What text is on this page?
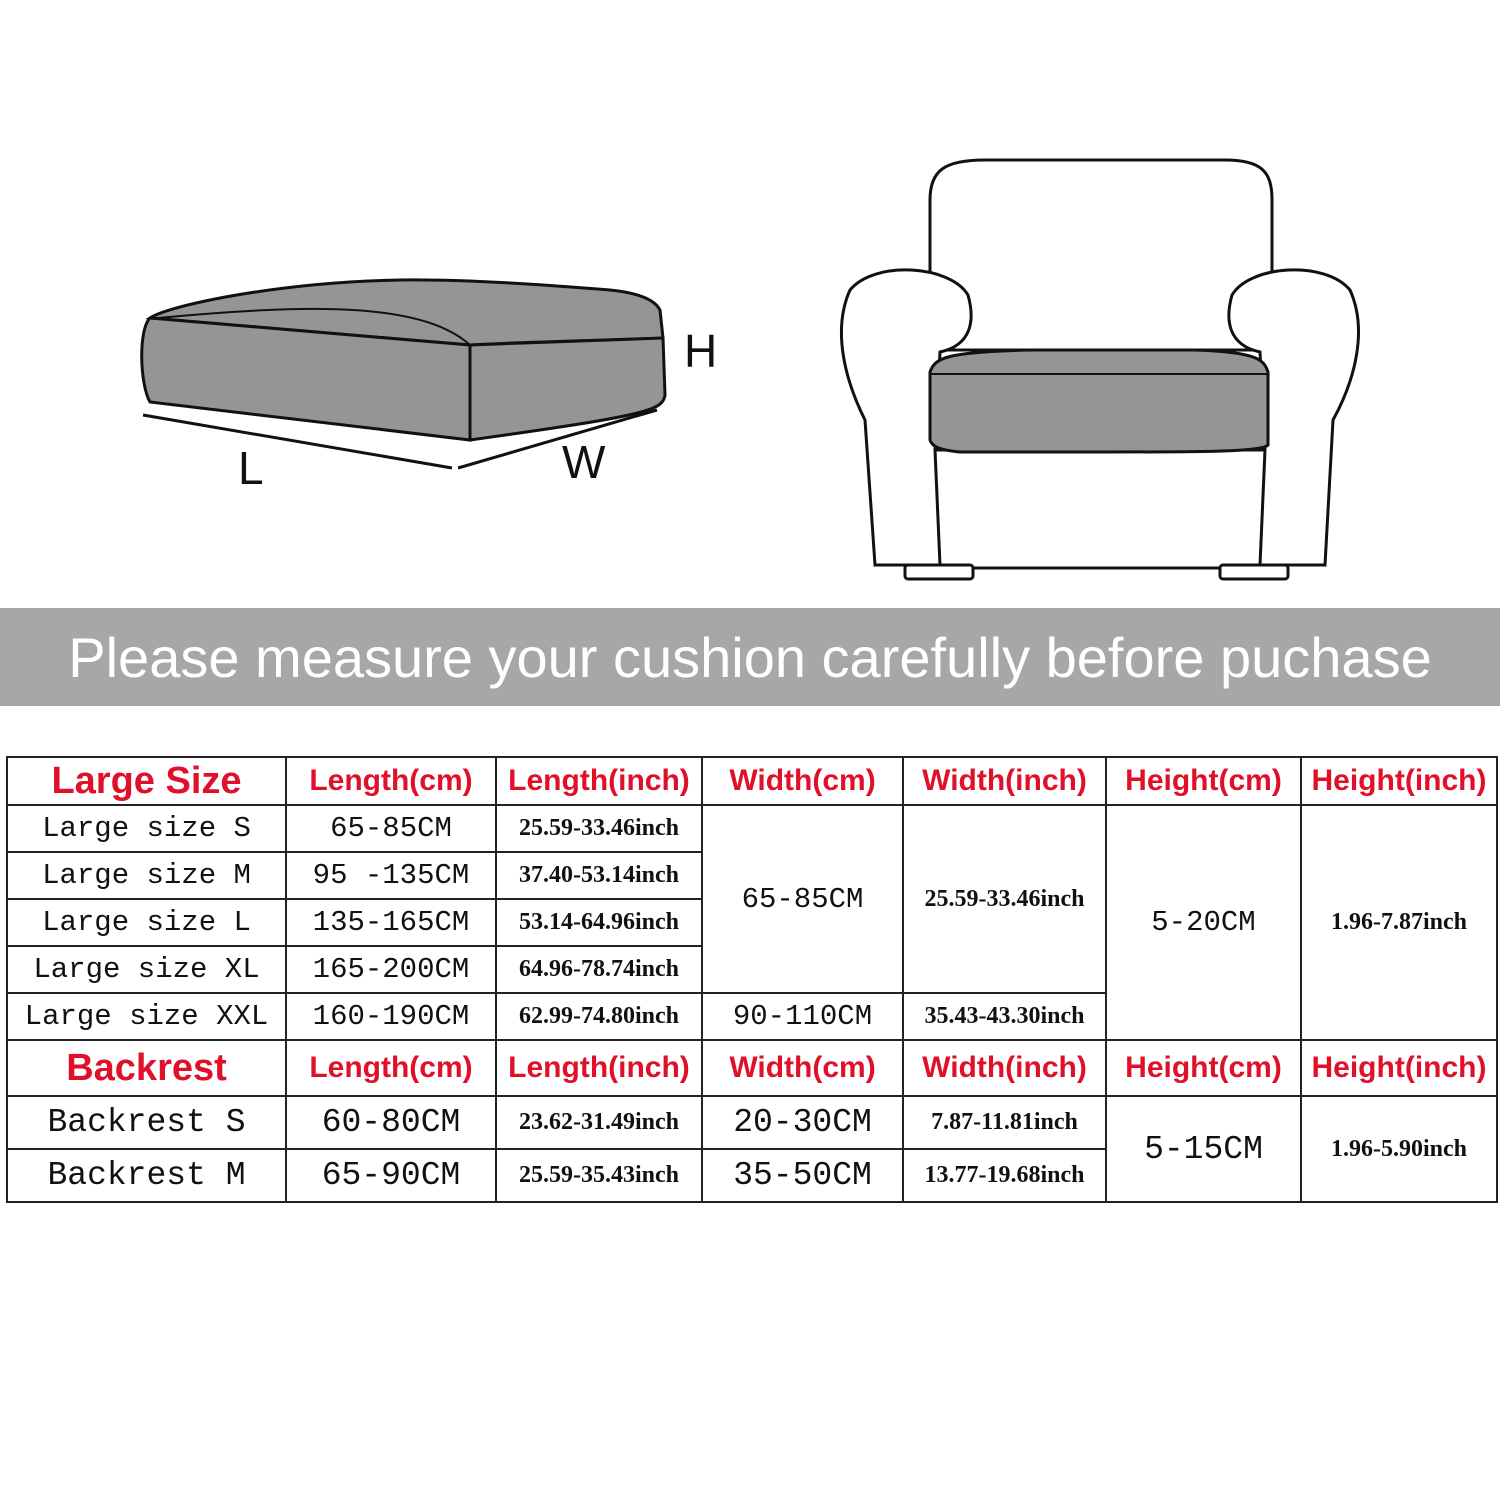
H
L	W
Please measure your cushion carefully before puchase
Large Size	Length(cm)	Length(inch)	Width(cm)	Width(inch)	Height(cm)	Height(inch)
Large size S	65-85CM	25.59-33.46inch	65-85CM	25.59-33.46inch	5-20CM	1.96-7.87inch
Large size M	95 -135CM	37.40-53.14inch				
Large size L	135-165CM	53.14-64.96inch				
Large size XL	165-200CM	64.96-78.74inch				
Large size XXL	160-190CM	62.99-74.80inch	90-110CM	35.43-43.30inch		
Backrest	Length(cm)	Length(inch)	Width(cm)	Width(inch)	Height(cm)	Height(inch)
Backrest S	60-80CM	23.62-31.49inch	20-30CM	7.87-11.81inch	5-15CM	1.96-5.90inch
Backrest M	65-90CM	25.59-35.43inch	35-50CM	13.77-19.68inch		
